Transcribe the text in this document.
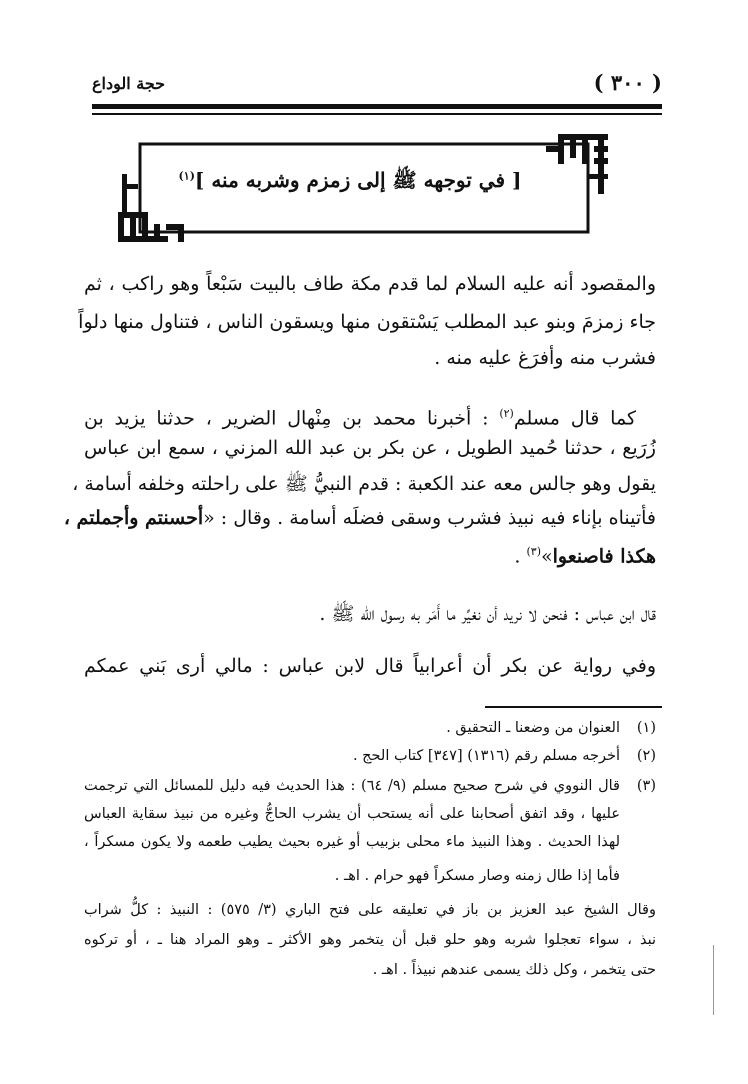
( ٣٠٠ )
حجة الوداع
[ في توجهه ﷺ إلى زمزم وشربه منه ]$^{(١)}$
والمقصود أنه عليه السلام لما قدم مكة طاف بالبيت سَبْعاً وهو راكب ، ثم
جاء زمزمَ وبنو عبد المطلب يَسْتقون منها ويسقون الناس ، فتناول منها دلواً
فشرب منه وأفرَغ عليه منه .
كما قال مسلم$^{(٢)}$ : أخبرنا محمد بن مِنْهال الضرير ، حدثنا يزيد بن
زُرَيع ، حدثنا حُميد الطويل ، عن بكر بن عبد الله المزني ، سمع ابن عباس
يقول وهو جالس معه عند الكعبة : قدم النبيُّ ﷺ على راحلته وخلفه أسامة ،
فأتيناه بإناء فيه نبيذ فشرب وسقى فضلَه أسامة . وقال : «أحسنتم وأجملتم ،
هكذا فاصنعوا»$^{(٣)}$ .
قال ابن عباس : فنحن لا نريد أن نغيِّر ما أَمَر به رسول الله ﷺ .
وفي رواية عن بكر أن أعرابياً قال لابن عباس : مالي أرى بَني عمكم
(١)العنوان من وضعنا ـ التحقيق .
(٢)أخرجه مسلم رقم (١٣١٦) [٣٤٧] كتاب الحج .
(٣)
قال النووي في شرح صحيح مسلم (٩/ ٦٤) : هذا الحديث فيه دليل للمسائل التي ترجمت
عليها ، وقد اتفق أصحابنا على أنه يستحب أن يشرب الحاجُّ وغيره من نبيذ سقاية العباس
لهذا الحديث . وهذا النبيذ ماء محلى بزبيب أو غيره بحيث يطيب طعمه ولا يكون مسكراً ،
فأما إذا طال زمنه وصار مسكراً فهو حرام . اهـ .
وقال الشيخ عبد العزيز بن باز في تعليقه على فتح الباري (٣/ ٥٧٥) : النبيذ : كلُّ شراب
نبذ ، سواء تعجلوا شربه وهو حلو قبل أن يتخمر وهو الأكثر ـ وهو المراد هنا ـ ، أو تركوه
حتى يتخمر ، وكل ذلك يسمى عندهم نبيذاً . اهـ .
